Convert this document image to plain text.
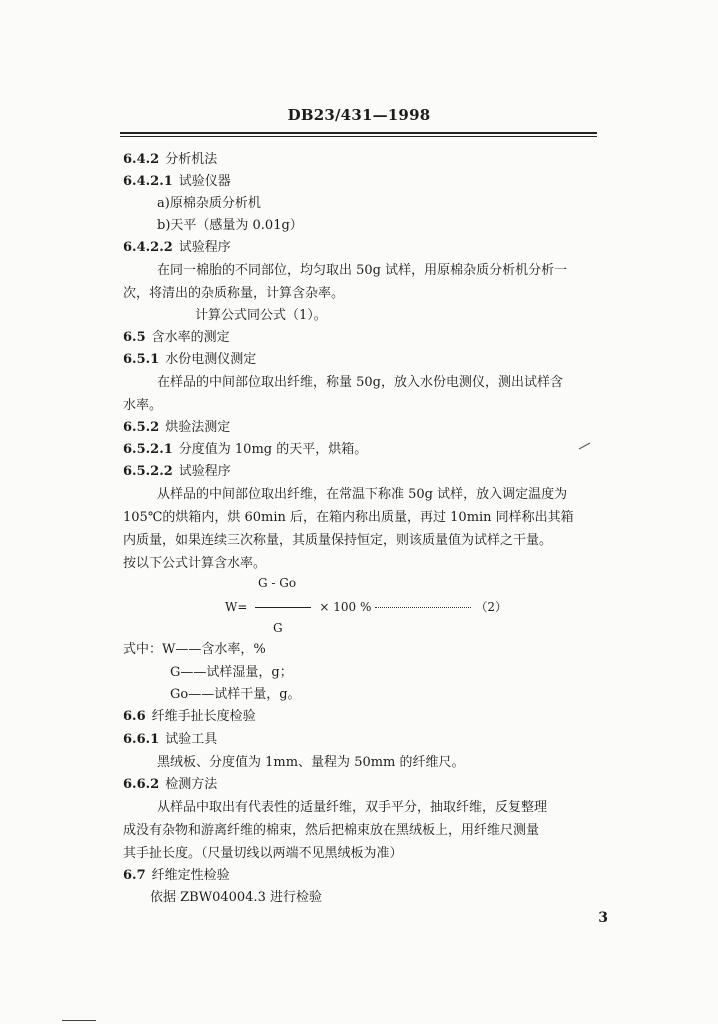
DB23/431—1998
6.4.2 分析机法
6.4.2.1 试验仪器
a)原棉杂质分析机
b)天平（感量为 0.01g）
6.4.2.2 试验程序
在同一棉胎的不同部位，均匀取出 50g 试样，用原棉杂质分析机分析一
次，将清出的杂质称量，计算含杂率。
计算公式同公式（1）。
6.5 含水率的测定
6.5.1 水份电测仪测定
在样品的中间部位取出纤维，称量 50g，放入水份电测仪，测出试样含
水率。
6.5.2 烘验法测定
6.5.2.1 分度值为 10mg 的天平，烘箱。
6.5.2.2 试验程序
从样品的中间部位取出纤维，在常温下称准 50g 试样，放入调定温度为
105℃的烘箱内，烘 60min 后，在箱内称出质量，再过 10min 同样称出其箱
内质量，如果连续三次称量，其质量保持恒定，则该质量值为试样之干量。
按以下公式计算含水率。
G - Go
W=	× 100 %	（2）
G
式中：W——含水率，%
G——试样湿量，g；
Go——试样干量，g。
6.6 纤维手扯长度检验
6.6.1 试验工具
黑绒板、分度值为 1mm、量程为 50mm 的纤维尺。
6.6.2 检测方法
从样品中取出有代表性的适量纤维，双手平分，抽取纤维，反复整理
成没有杂物和游离纤维的棉束，然后把棉束放在黑绒板上，用纤维尺测量
其手扯长度。（尺量切线以两端不见黑绒板为准）
6.7 纤维定性检验
依据 ZBW04004.3 进行检验
3
